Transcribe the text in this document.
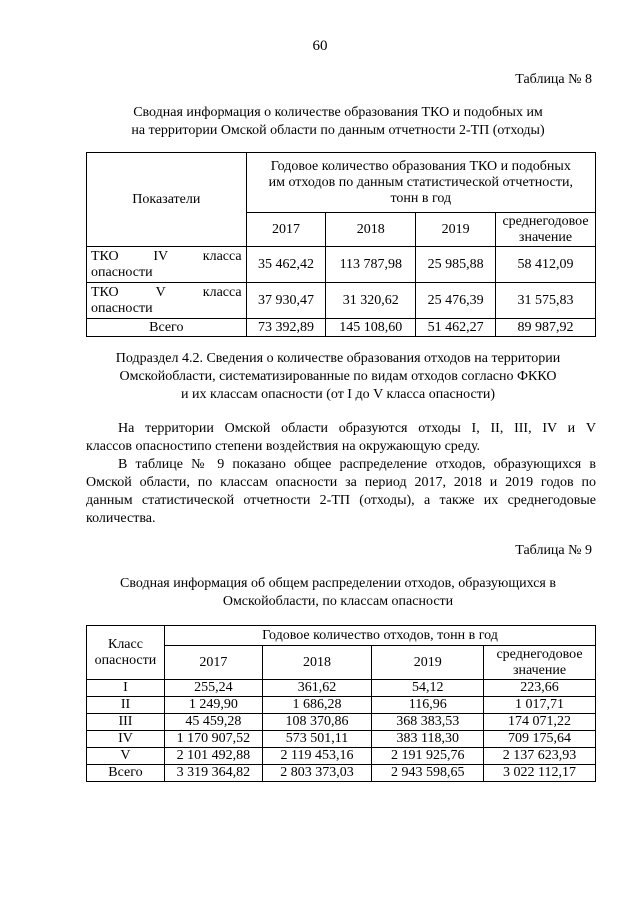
60
Таблица № 8
Сводная информация о количестве образования ТКО и подобных им
на территории Омской области по данным отчетности 2-ТП (отходы)
Показатели	Годовое количество образования ТКО и подобных
им отходов по данным статистической отчетности,
тонн в год			

	2017	2018	2019	среднегодовое
значение

ТКО IV класса
опасности	35 462,42	113 787,98	25 985,88	58 412,09

ТКО V класса
опасности	37 930,47	31 320,62	25 476,39	31 575,83
Всего	73 392,89	145 108,60	51 462,27	89 987,92
Подраздел 4.2. Сведения о количестве образования отходов на территории
Омскойобласти, систематизированные по видам отходов согласно ФККО
и их классам опасности (от I до V класса опасности)
На территории Омской области образуются отходы I, II, III, IV и V
классов опасностипо степени воздействия на окружающую среду.
В таблице № 9 показано общее распределение отходов, образующихся в
Омской области, по классам опасности за период 2017, 2018 и 2019 годов по
данным статистической отчетности 2-ТП (отходы), а также их среднегодовые
количества.
Таблица № 9
Сводная информация об общем распределении отходов, образующихся в
Омскойобласти, по классам опасности
Класс
опасности	Годовое количество отходов, тонн в год			
	2017	2018	2019	среднегодовое
значение

I	255,24	361,62	54,12	223,66
II	1 249,90	1 686,28	116,96	1 017,71
III	45 459,28	108 370,86	368 383,53	174 071,22
IV	1 170 907,52	573 501,11	383 118,30	709 175,64
V	2 101 492,88	2 119 453,16	2 191 925,76	2 137 623,93
Всего	3 319 364,82	2 803 373,03	2 943 598,65	3 022 112,17
